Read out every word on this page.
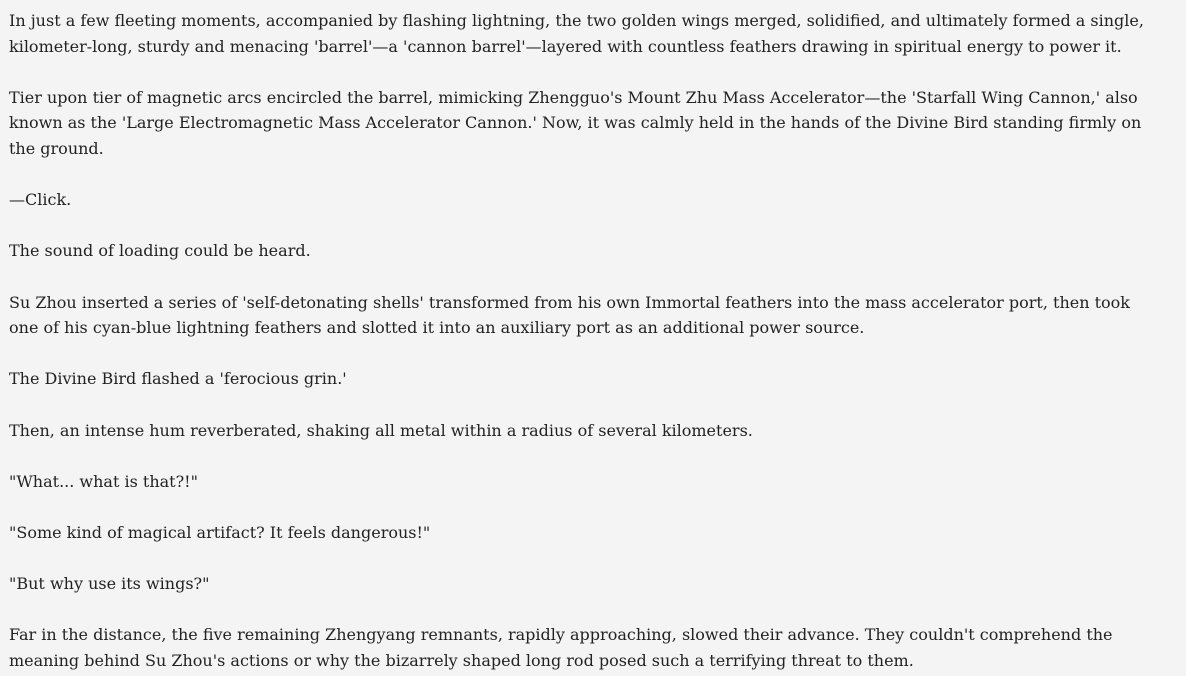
In just a few fleeting moments, accompanied by flashing lightning, the two golden wings merged, solidified, and ultimately formed a single, kilometer-long, sturdy and menacing 'barrel'—a 'cannon barrel'—layered with countless feathers drawing in spiritual energy to power it.

Tier upon tier of magnetic arcs encircled the barrel, mimicking Zhengguo's Mount Zhu Mass Accelerator—the 'Starfall Wing Cannon,' also known as the 'Large Electromagnetic Mass Accelerator Cannon.' Now, it was calmly held in the hands of the Divine Bird standing firmly on the ground.

—Click.

The sound of loading could be heard.

Su Zhou inserted a series of 'self-detonating shells' transformed from his own Immortal feathers into the mass accelerator port, then took one of his cyan-blue lightning feathers and slotted it into an auxiliary port as an additional power source.

The Divine Bird flashed a 'ferocious grin.'

Then, an intense hum reverberated, shaking all metal within a radius of several kilometers.

"What... what is that?!"

"Some kind of magical artifact? It feels dangerous!"

"But why use its wings?"

Far in the distance, the five remaining Zhengyang remnants, rapidly approaching, slowed their advance. They couldn't comprehend the meaning behind Su Zhou's actions or why the bizarrely shaped long rod posed such a terrifying threat to them.
